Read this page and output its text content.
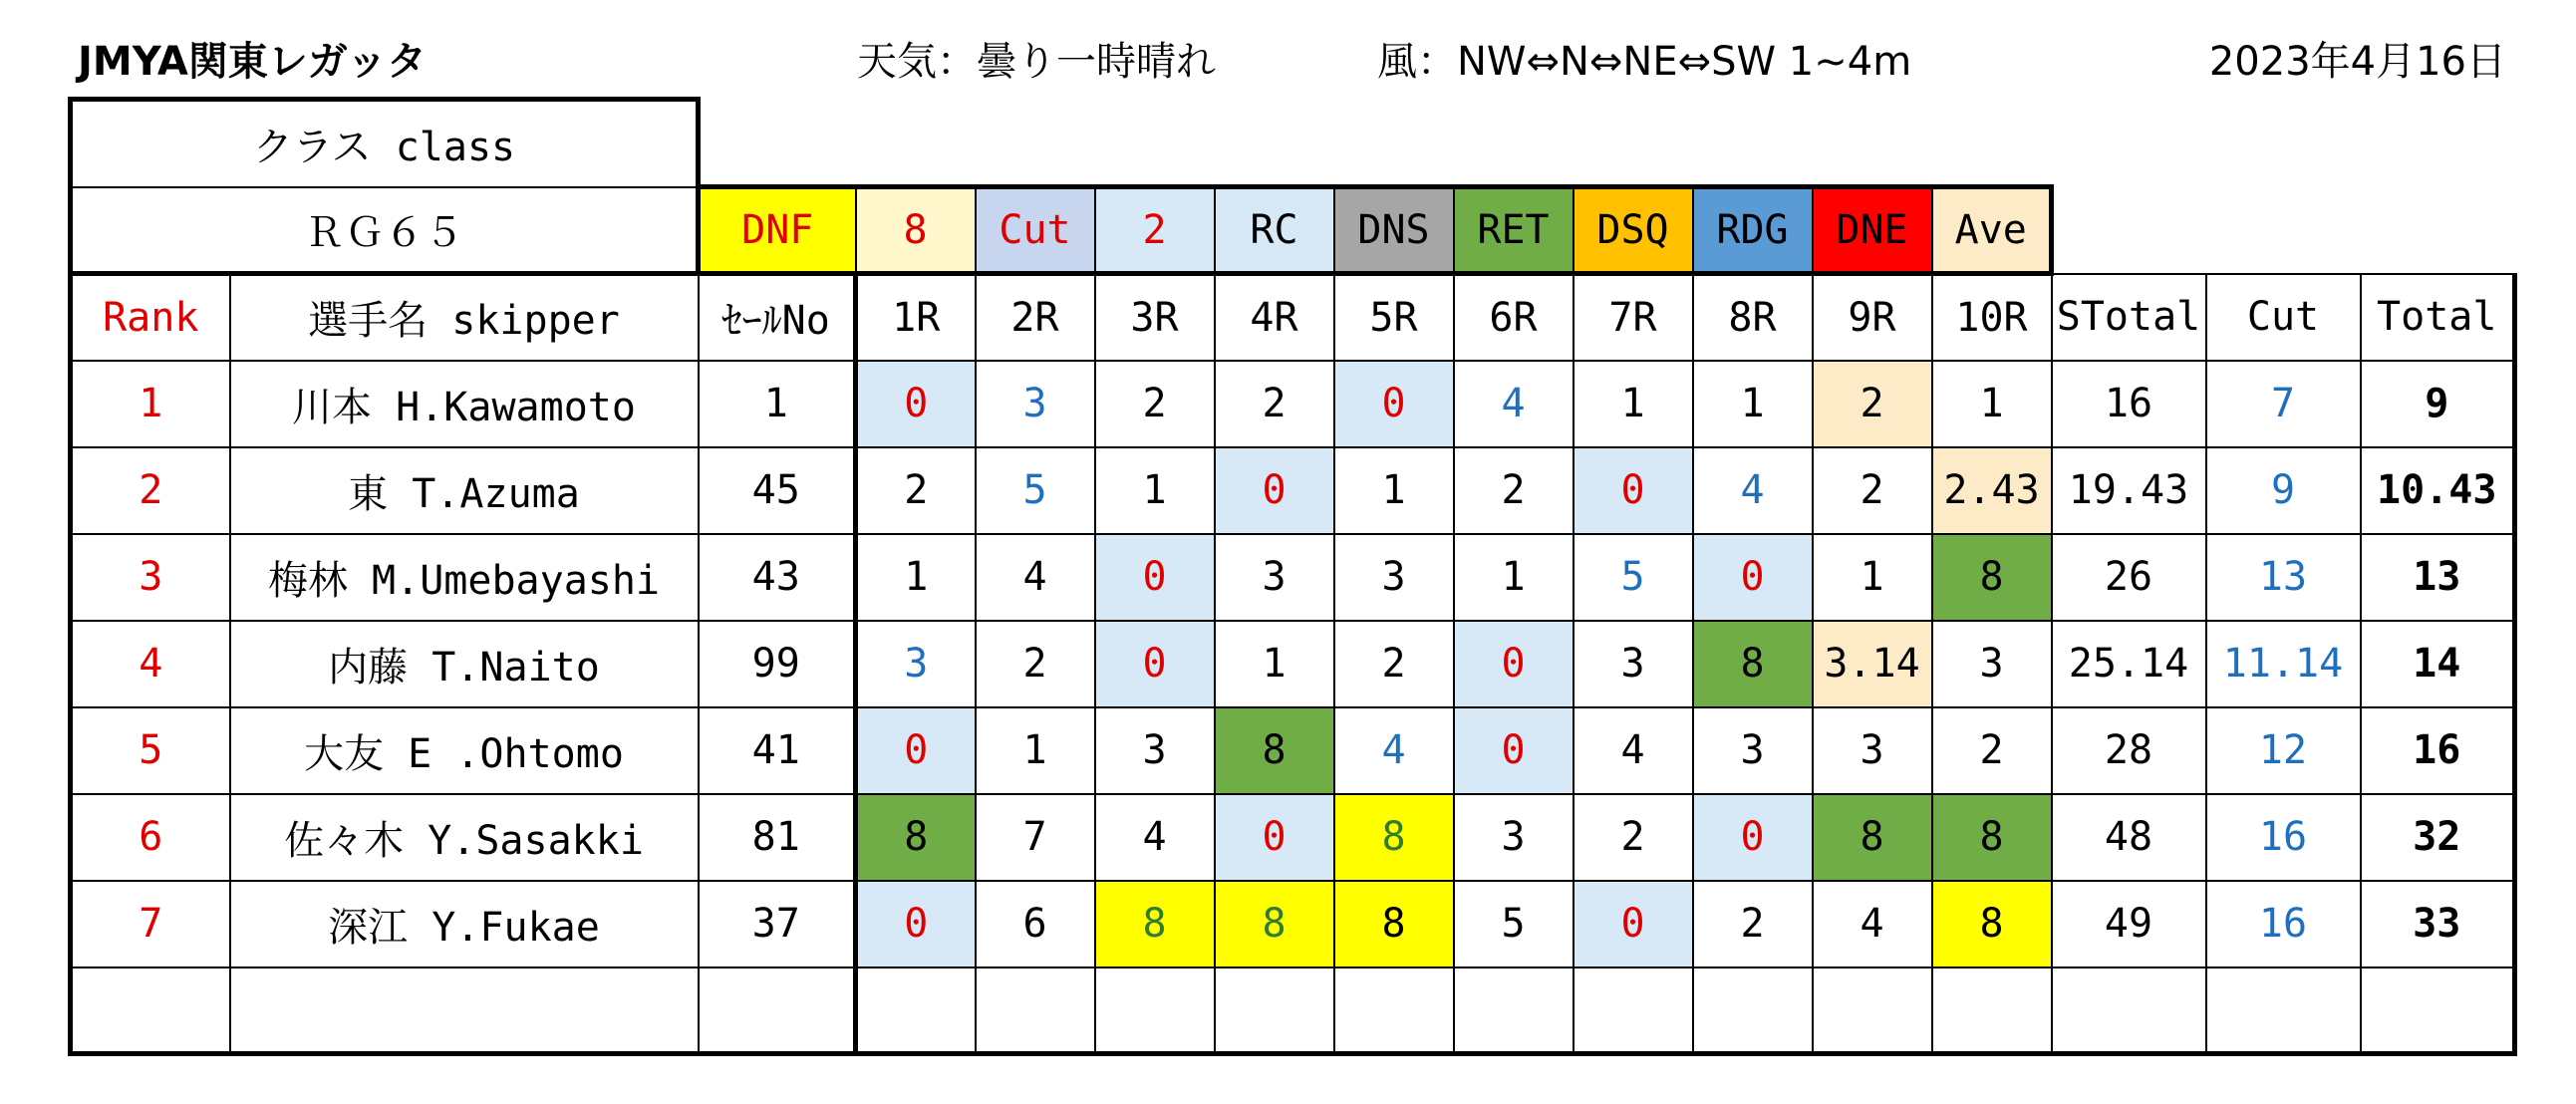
JMYA関東レガッタ	天気：曇り一時晴れ	風：NW⇔N⇔NE⇔SW 1~4m	2023年4月16日
クラス class															
ＲＧ６５		DNF	8	Cut	2	RC	DNS	RET	DSQ	RDG	DNE	Ave			
Rank	選手名 skipper	ｾｰﾙNo	1R	2R	3R	4R	5R	6R	7R	8R	9R	10R	STotal	Cut	Total
1	川本 H.Kawamoto	1	0	3	2	2	0	4	1	1	2	1	16	7	9
2	東 T.Azuma	45	2	5	1	0	1	2	0	4	2	2.43	19.43	9	10.43
3	梅林 M.Umebayashi	43	1	4	0	3	3	1	5	0	1	8	26	13	13
4	内藤 T.Naito	99	3	2	0	1	2	0	3	8	3.14	3	25.14	11.14	14
5	大友 E .Ohtomo	41	0	1	3	8	4	0	4	3	3	2	28	12	16
6	佐々木 Y.Sasakki	81	8	7	4	0	8	3	2	0	8	8	48	16	32
7	深江 Y.Fukae	37	0	6	8	8	8	5	0	2	4	8	49	16	33
